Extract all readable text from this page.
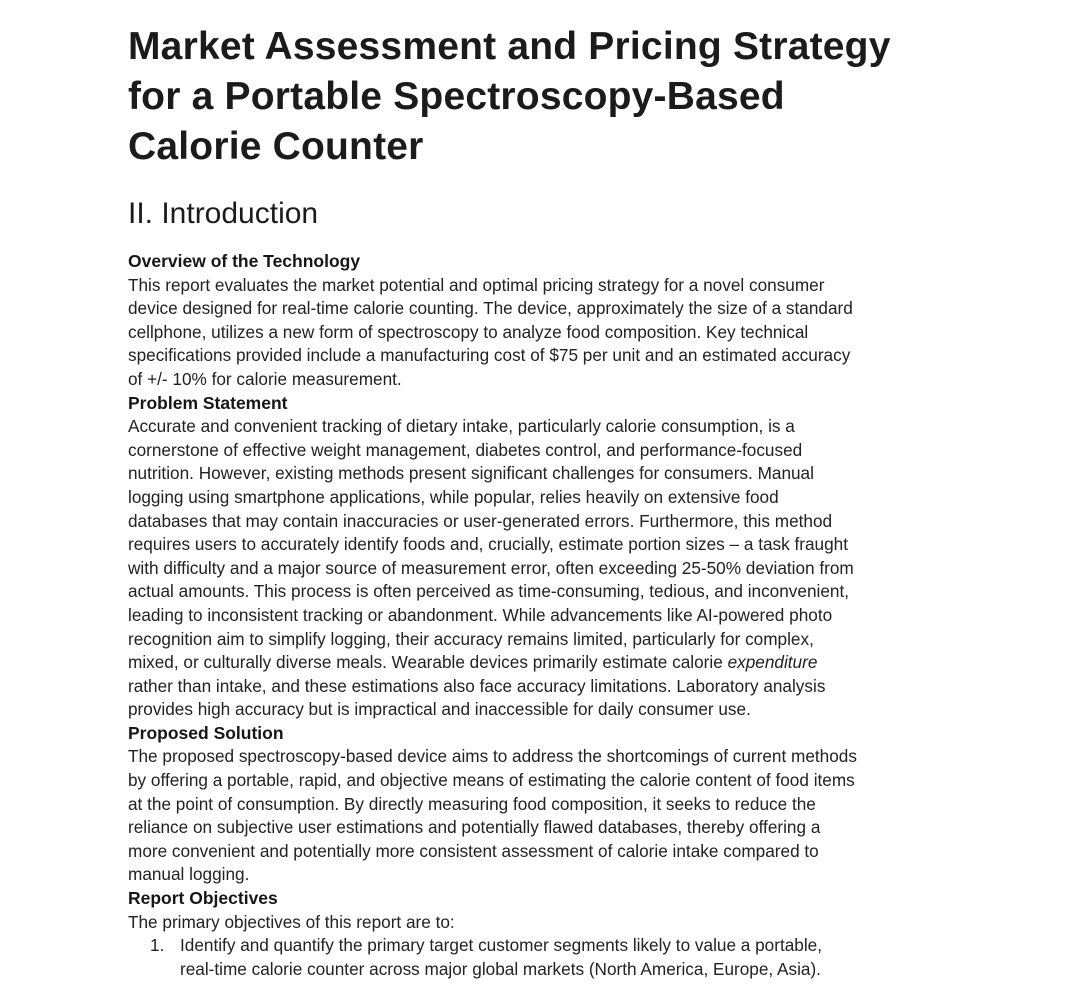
Market Assessment and Pricing Strategy
for a Portable Spectroscopy-Based
Calorie Counter
II. Introduction
Overview of the Technology

This report evaluates the market potential and optimal pricing strategy for a novel consumer
device designed for real-time calorie counting. The device, approximately the size of a standard
cellphone, utilizes a new form of spectroscopy to analyze food composition. Key technical
specifications provided include a manufacturing cost of $75 per unit and an estimated accuracy
of +/- 10% for calorie measurement.

Problem Statement

Accurate and convenient tracking of dietary intake, particularly calorie consumption, is a
cornerstone of effective weight management, diabetes control, and performance-focused
nutrition. However, existing methods present significant challenges for consumers. Manual
logging using smartphone applications, while popular, relies heavily on extensive food
databases that may contain inaccuracies or user-generated errors. Furthermore, this method
requires users to accurately identify foods and, crucially, estimate portion sizes – a task fraught
with difficulty and a major source of measurement error, often exceeding 25-50% deviation from
actual amounts. This process is often perceived as time-consuming, tedious, and inconvenient,
leading to inconsistent tracking or abandonment. While advancements like AI-powered photo
recognition aim to simplify logging, their accuracy remains limited, particularly for complex,
mixed, or culturally diverse meals. Wearable devices primarily estimate calorie expenditure
rather than intake, and these estimations also face accuracy limitations. Laboratory analysis
provides high accuracy but is impractical and inaccessible for daily consumer use.

Proposed Solution

The proposed spectroscopy-based device aims to address the shortcomings of current methods
by offering a portable, rapid, and objective means of estimating the calorie content of food items
at the point of consumption. By directly measuring food composition, it seeks to reduce the
reliance on subjective user estimations and potentially flawed databases, thereby offering a
more convenient and potentially more consistent assessment of calorie intake compared to
manual logging.

Report Objectives

The primary objectives of this report are to:

1. Identify and quantify the primary target customer segments likely to value a portable,
real-time calorie counter across major global markets (North America, Europe, Asia).
